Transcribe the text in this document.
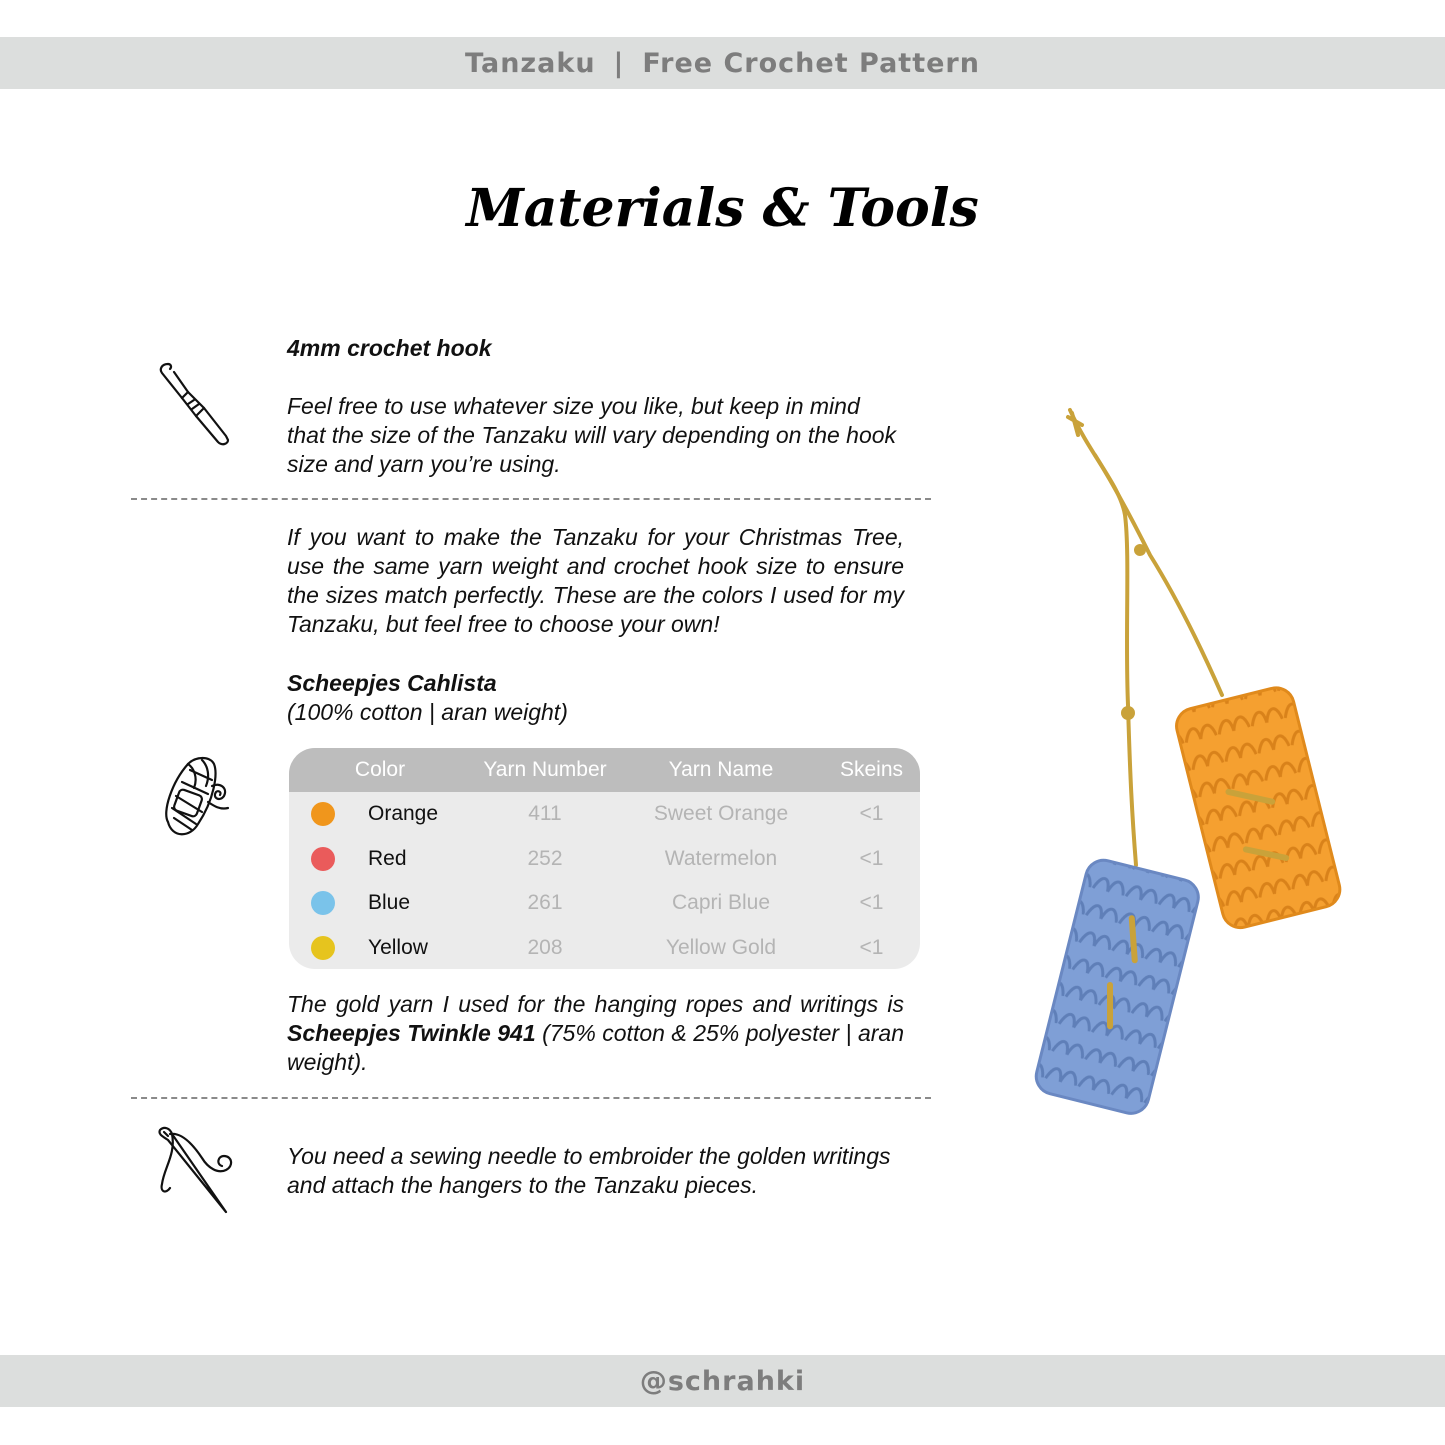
Tanzaku | Free Crochet Pattern
Materials & Tools
4mm crochet hook
Feel free to use whatever size you like, but keep in mind that the size of the Tanzaku will vary depending on the hook size and yarn you’re using.
If you want to make the Tanzaku for your Christmas Tree, use the same yarn weight and crochet hook size to ensure the sizes match perfectly. These are the colors I used for my Tanzaku, but feel free to choose your own!
Scheepjes Cahlista
(100% cotton | aran weight)
Color	Yarn Number	Yarn Name	Skeins
Orange	411	Sweet Orange	<1
Red	252	Watermelon	<1
Blue	261	Capri Blue	<1
Yellow	208	Yellow Gold	<1
The gold yarn I used for the hanging ropes and writings is Scheepjes Twinkle 941 (75% cotton & 25% polyester | aran weight).
You need a sewing needle to embroider the golden writings and attach the hangers to the Tanzaku pieces.
@schrahki
